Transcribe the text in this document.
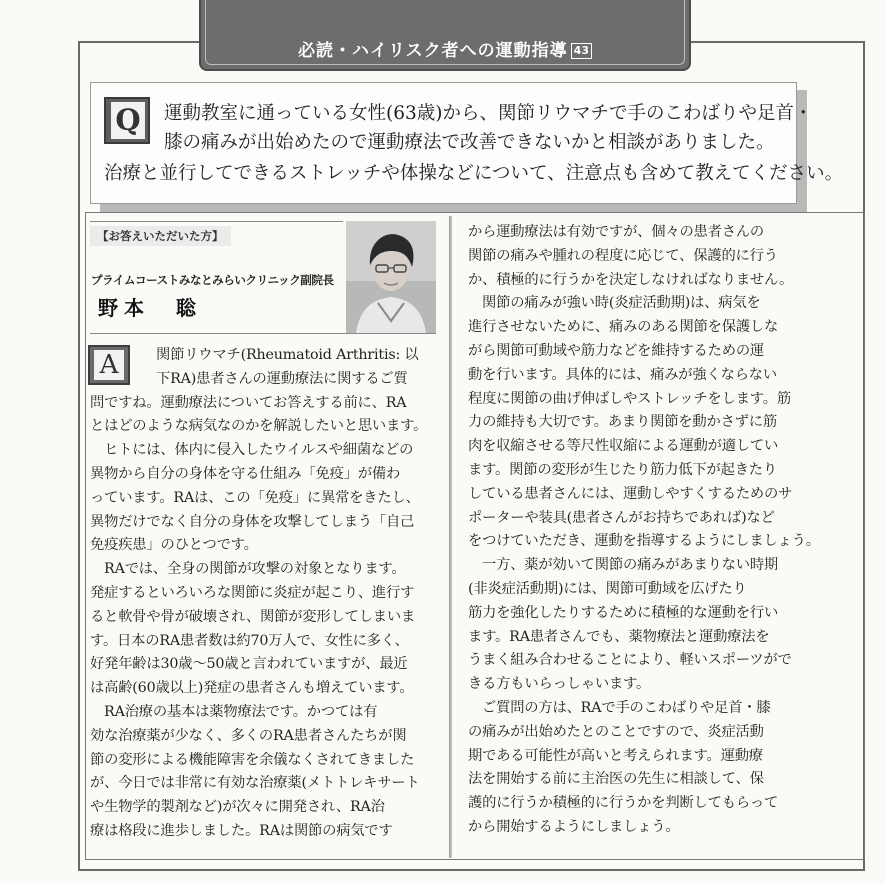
必読・ハイリスク者への運動指導 43
Q 運動教室に通っている女性(63歳)から、関節リウマチで手のこわばりや足首・
膝の痛みが出始めたので運動療法で改善できないかと相談がありました。
治療と並行してできるストレッチや体操などについて、注意点も含めて教えてください。
【お答えいただいた方】
プライムコーストみなとみらいクリニック副院長
野本　聡
A	関節リウマチ(Rheumatoid Arthritis: 以
下RA)患者さんの運動療法に関するご質
問ですね。運動療法についてお答えする前に、RA
とはどのような病気なのかを解説したいと思います。
ヒトには、体内に侵入したウイルスや細菌などの
異物から自分の身体を守る仕組み「免疫」が備わ
っています。RAは、この「免疫」に異常をきたし、
異物だけでなく自分の身体を攻撃してしまう「自己
免疫疾患」のひとつです。
RAでは、全身の関節が攻撃の対象となります。
発症するといろいろな関節に炎症が起こり、進行す
ると軟骨や骨が破壊され、関節が変形してしまいま
す。日本のRA患者数は約70万人で、女性に多く、
好発年齢は30歳～50歳と言われていますが、最近
は高齢(60歳以上)発症の患者さんも増えています。
RA治療の基本は薬物療法です。かつては有
効な治療薬が少なく、多くのRA患者さんたちが関
節の変形による機能障害を余儀なくされてきました
が、今日では非常に有効な治療薬(メトトレキサート
や生物学的製剤など)が次々に開発され、RA治
療は格段に進歩しました。RAは関節の病気です
から運動療法は有効ですが、個々の患者さんの
関節の痛みや腫れの程度に応じて、保護的に行う
か、積極的に行うかを決定しなければなりません。
関節の痛みが強い時(炎症活動期)は、病気を
進行させないために、痛みのある関節を保護しな
がら関節可動域や筋力などを維持するための運
動を行います。具体的には、痛みが強くならない
程度に関節の曲げ伸ばしやストレッチをします。筋
力の維持も大切です。あまり関節を動かさずに筋
肉を収縮させる等尺性収縮による運動が適してい
ます。関節の変形が生じたり筋力低下が起きたり
している患者さんには、運動しやすくするためのサ
ポーターや装具(患者さんがお持ちであれば)など
をつけていただき、運動を指導するようにしましょう。
一方、薬が効いて関節の痛みがあまりない時期
(非炎症活動期)には、関節可動域を広げたり
筋力を強化したりするために積極的な運動を行い
ます。RA患者さんでも、薬物療法と運動療法を
うまく組み合わせることにより、軽いスポーツがで
きる方もいらっしゃいます。
ご質問の方は、RAで手のこわばりや足首・膝
の痛みが出始めたとのことですので、炎症活動
期である可能性が高いと考えられます。運動療
法を開始する前に主治医の先生に相談して、保
護的に行うか積極的に行うかを判断してもらって
から開始するようにしましょう。
